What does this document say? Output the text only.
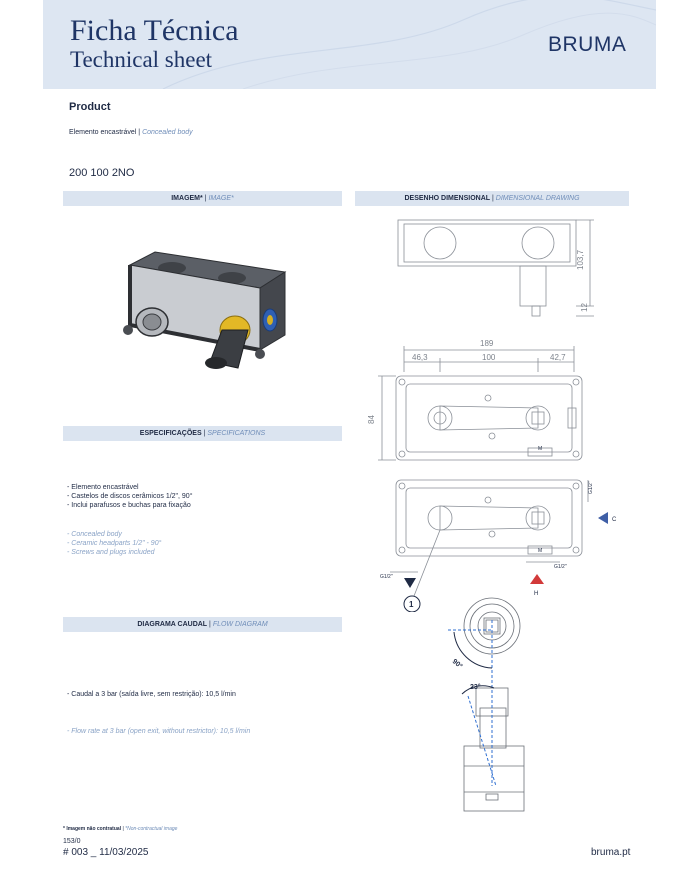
Ficha Técnica
Technical sheet
BRUMA
Product
Elemento encastrável | Concealed body
200 100 2NO
IMAGEM* | IMAGE*	DESENHO DIMENSIONAL | DIMENSIONAL DRAWING
ESPECIFICAÇÕES | SPECIFICATIONS
DIAGRAMA CAUDAL | FLOW DIAGRAM
103,7
12
189
46,3	100	42,7
84
G1/2"
G1/2"
G1/2"
M
M
C
H
1
90°
23°
- Elemento encastrável
- Castelos de discos cerâmicos 1/2", 90°
- Inclui parafusos e buchas para fixação
- Concealed body
- Ceramic headparts 1/2" - 90°
- Screws and plugs included
- Caudal a 3 bar (saída livre, sem restrição): 10,5 l/min
- Flow rate at 3 bar (open exit, without restrictor): 10,5 l/min
* Imagem não contratual | *Non-contractual image
153/0
# 003 _ 11/03/2025	bruma.pt
